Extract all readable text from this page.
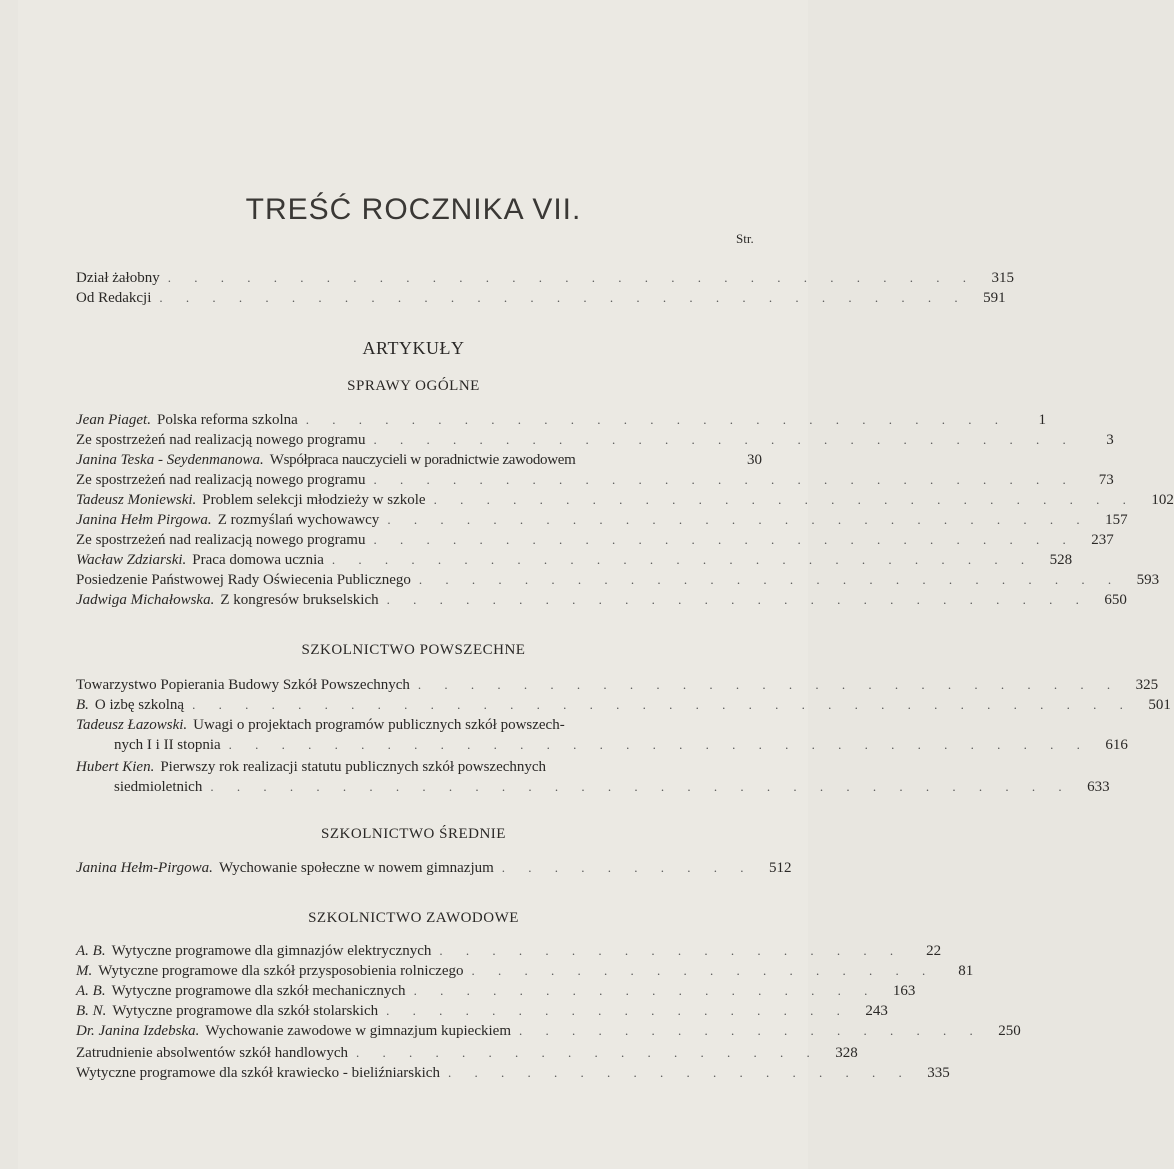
TREŚĆ ROCZNIKA VII.
Str.
Dział żałobny . . . . . . . . . . . . . . . . . . . . . . . . . . . . . . .	315
Od Redakcji . . . . . . . . . . . . . . . . . . . . . . . . . . . . . . .	591
ARTYKUŁY
SPRAWY OGÓLNE
Jean Piaget. Polska reforma szkolna . . . . . . . . . . . . . . . . . . . . . . . . . . .	1
Ze spostrzeżeń nad realizacją nowego programu . . . . . . . . . . . . . . . . . . . . . . . . . . .	3
Janina Teska - Seydenmanowa. Współpraca nauczycieli w poradnictwie zawodowem	30
Ze spostrzeżeń nad realizacją nowego programu . . . . . . . . . . . . . . . . . . . . . . . . . . .	73
Tadeusz Moniewski. Problem selekcji młodzieży w szkole . . . . . . . . . . . . . . . . . . . . . . . . . . .	102
Janina Hełm Pirgowa. Z rozmyślań wychowawcy . . . . . . . . . . . . . . . . . . . . . . . . . . .	157
Ze spostrzeżeń nad realizacją nowego programu . . . . . . . . . . . . . . . . . . . . . . . . . . .	237
Wacław Zdziarski. Praca domowa ucznia . . . . . . . . . . . . . . . . . . . . . . . . . . .	528
Posiedzenie Państwowej Rady Oświecenia Publicznego . . . . . . . . . . . . . . . . . . . . . . . . . . .	593
Jadwiga Michałowska. Z kongresów brukselskich . . . . . . . . . . . . . . . . . . . . . . . . . . .	650
SZKOLNICTWO POWSZECHNE
Towarzystwo Popierania Budowy Szkół Powszechnych . . . . . . . . . . . . . . . . . . . . . . . . . . .	325
B. O izbę szkolną . . . . . . . . . . . . . . . . . . . . . . . . . . . . . . . . . . . .	501
Tadeusz Łazowski. Uwagi o projektach programów publicznych szkół powszech-
nych I i II stopnia . . . . . . . . . . . . . . . . . . . . . . . . . . . . . . . . .	616
Hubert Kien. Pierwszy rok realizacji statutu publicznych szkół powszechnych
siedmioletnich . . . . . . . . . . . . . . . . . . . . . . . . . . . . . . . . .	633
SZKOLNICTWO ŚREDNIE
Janina Hełm-Pirgowa. Wychowanie społeczne w nowem gimnazjum . . . . . . . . . .	512
SZKOLNICTWO ZAWODOWE
A. B. Wytyczne programowe dla gimnazjów elektrycznych . . . . . . . . . . . . . . . . . .	22
M. Wytyczne programowe dla szkół przysposobienia rolniczego . . . . . . . . . . . . . . . . . .	81
A. B. Wytyczne programowe dla szkół mechanicznych . . . . . . . . . . . . . . . . . .	163
B. N. Wytyczne programowe dla szkół stolarskich . . . . . . . . . . . . . . . . . .	243
Dr. Janina Izdebska. Wychowanie zawodowe w gimnazjum kupieckiem . . . . . . . . . . . . . . . . . .	250
Zatrudnienie absolwentów szkół handlowych . . . . . . . . . . . . . . . . . .	328
Wytyczne programowe dla szkół krawiecko - bieliźniarskich . . . . . . . . . . . . . . . . . .	335
